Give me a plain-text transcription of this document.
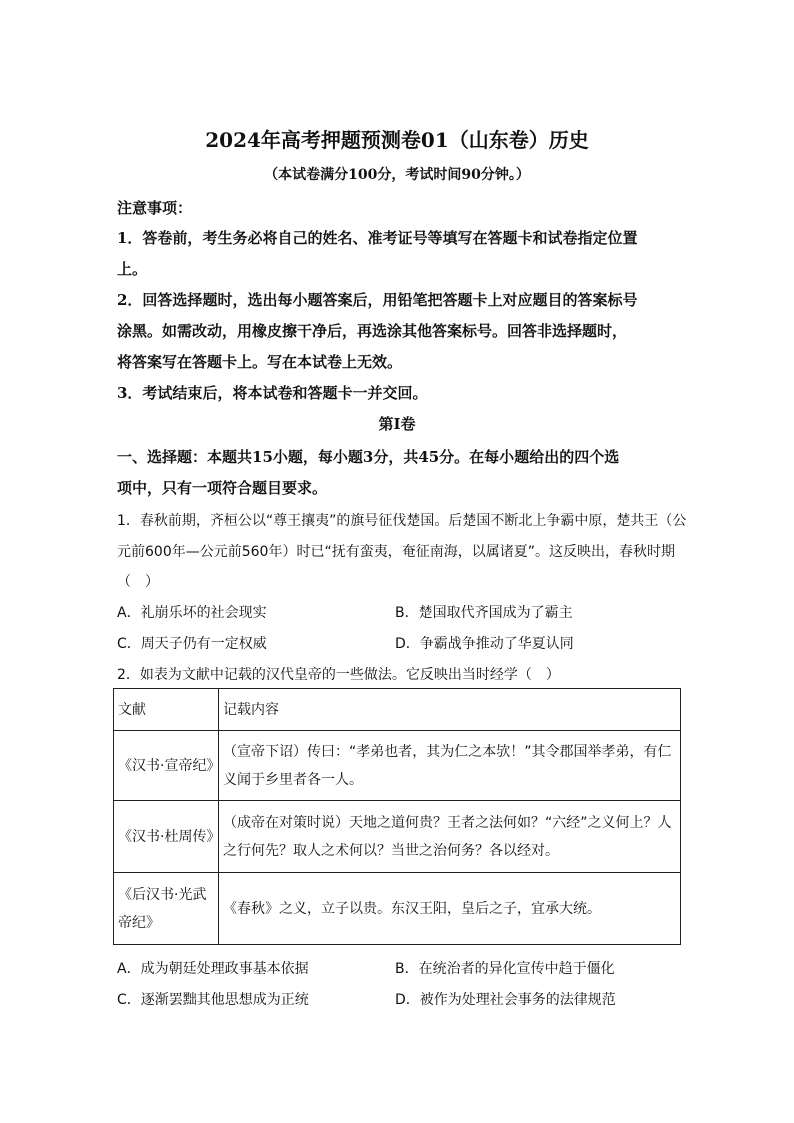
2024年高考押题预测卷01（山东卷）历史
（本试卷满分100分，考试时间90分钟。）
注意事项：
1．答卷前，考生务必将自己的姓名、准考证号等填写在答题卡和试卷指定位置
上。
2．回答选择题时，选出每小题答案后，用铅笔把答题卡上对应题目的答案标号
涂黑。如需改动，用橡皮擦干净后，再选涂其他答案标号。回答非选择题时，
将答案写在答题卡上。写在本试卷上无效。
3．考试结束后，将本试卷和答题卡一并交回。
第I卷
一、选择题：本题共15小题，每小题3分，共45分。在每小题给出的四个选
项中，只有一项符合题目要求。
1．春秋前期，齐桓公以“尊王攘夷”的旗号征伐楚国。后楚国不断北上争霸中原，楚共王（公
元前600年—公元前560年）时已“抚有蛮夷，奄征南海，以属诸夏”。这反映出，春秋时期
（　）
A．礼崩乐坏的社会现实	B．楚国取代齐国成为了霸主
C．周天子仍有一定权威	D．争霸战争推动了华夏认同
2．如表为文献中记载的汉代皇帝的一些做法。它反映出当时经学（　）
文献	记载内容
《汉书·宣帝纪》	（宣帝下诏）传曰：“孝弟也者，其为仁之本欤！”其令郡国举孝弟，有仁
义闻于乡里者各一人。

《汉书·杜周传》	（成帝在对策时说）天地之道何贵？王者之法何如？“六经”之义何上？人
之行何先？取人之术何以？当世之治何务？各以经对。

《后汉书·光武
帝纪》	《春秋》之义，立子以贵。东汉王阳，皇后之子，宜承大统。
A．成为朝廷处理政事基本依据	B．在统治者的异化宣传中趋于僵化
C．逐渐罢黜其他思想成为正统	D．被作为处理社会事务的法律规范
